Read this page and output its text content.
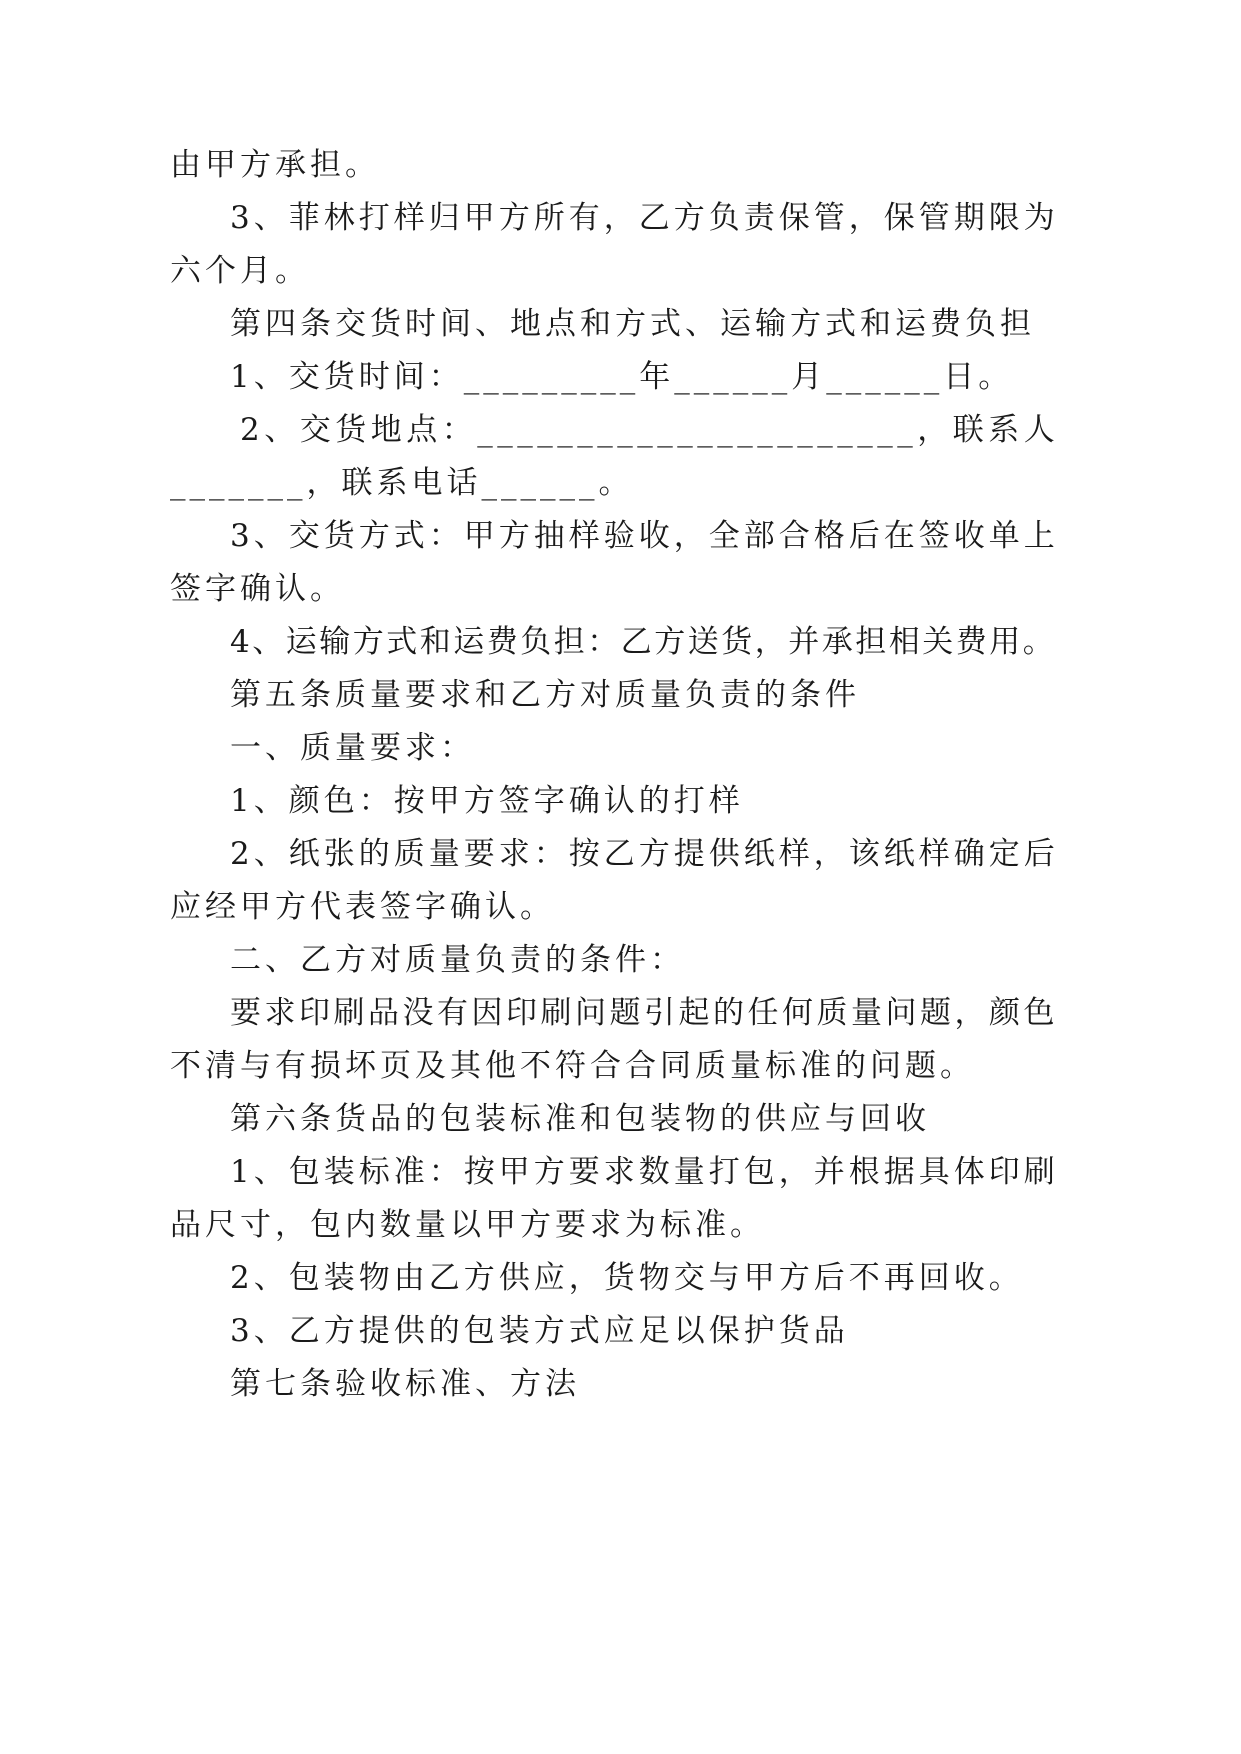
由甲方承担。
3、菲林打样归甲方所有，乙方负责保管，保管期限为
六个月。
第四条交货时间、地点和方式、运输方式和运费负担
1、交货时间：_________年______月______日。
2、交货地点：______________________，联系人
_______，联系电话______。
3、交货方式：甲方抽样验收，全部合格后在签收单上
签字确认。
4、运输方式和运费负担：乙方送货，并承担相关费用。
第五条质量要求和乙方对质量负责的条件
一、质量要求：
1、颜色：按甲方签字确认的打样
2、纸张的质量要求：按乙方提供纸样，该纸样确定后
应经甲方代表签字确认。
二、乙方对质量负责的条件：
要求印刷品没有因印刷问题引起的任何质量问题，颜色
不清与有损坏页及其他不符合合同质量标准的问题。
第六条货品的包装标准和包装物的供应与回收
1、包装标准：按甲方要求数量打包，并根据具体印刷
品尺寸，包内数量以甲方要求为标准。
2、包装物由乙方供应，货物交与甲方后不再回收。
3、乙方提供的包装方式应足以保护货品
第七条验收标准、方法
